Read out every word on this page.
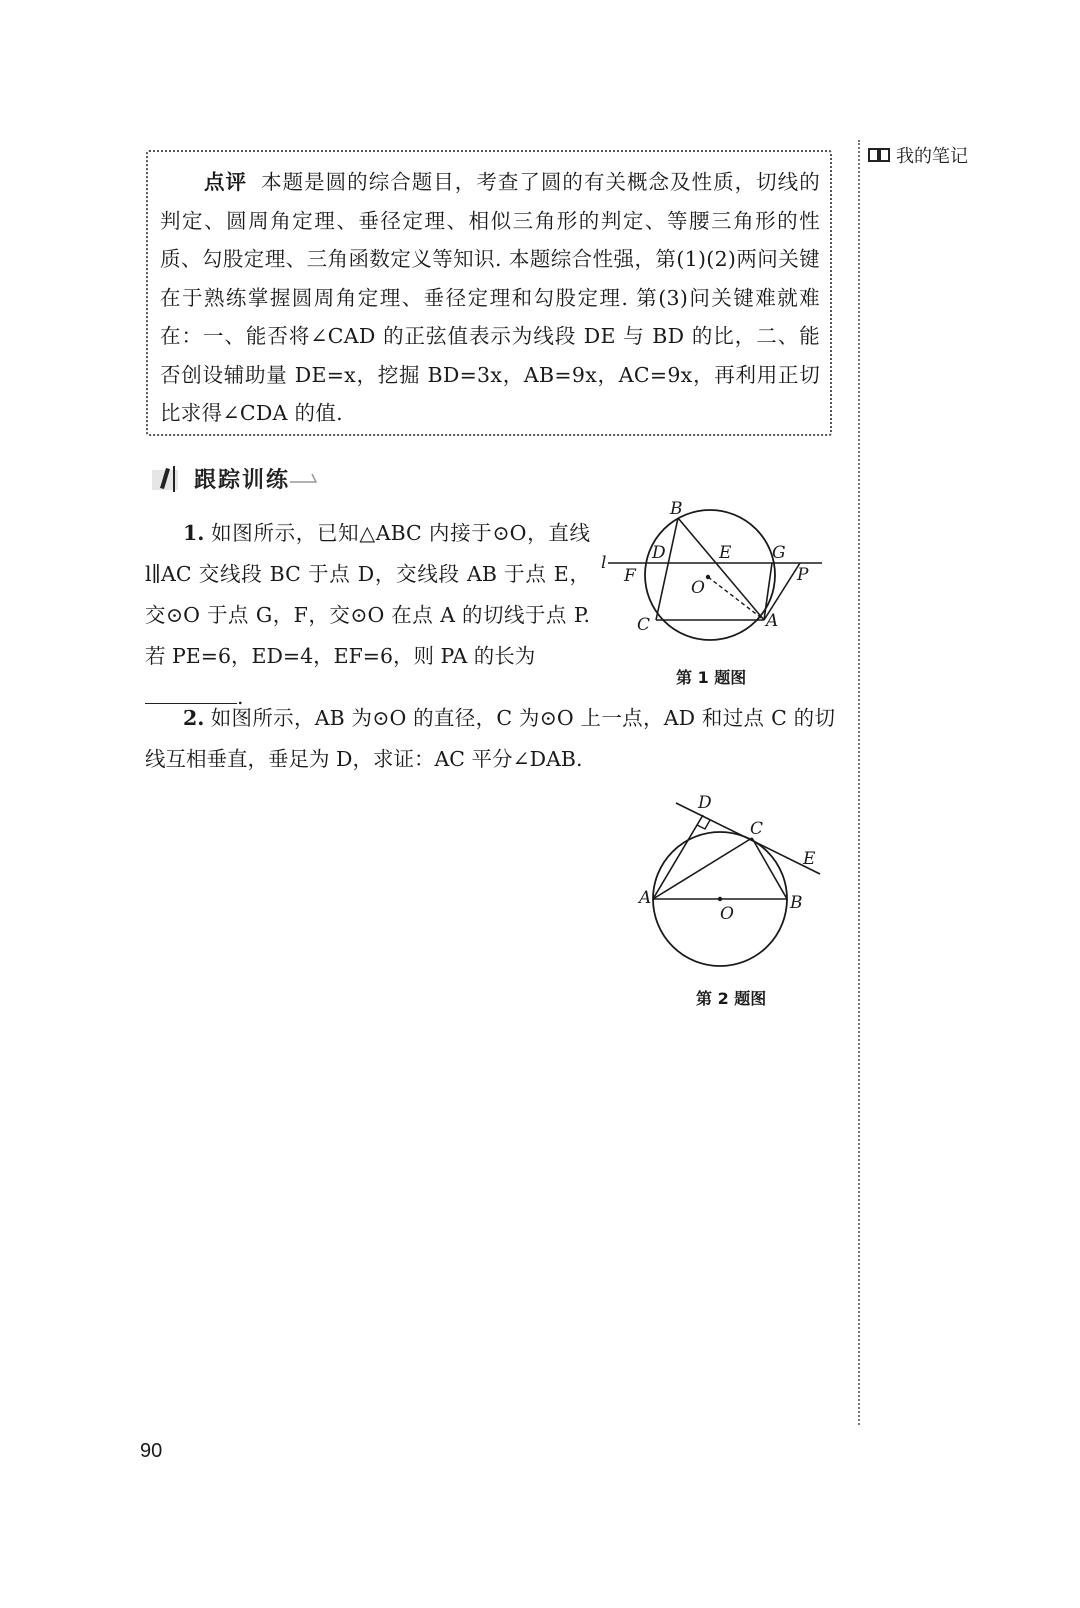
我的笔记

点评 本题是圆的综合题目，考查了圆的有关概念及性质，切线的判定、圆周角定理、垂径定理、相似三角形的判定、等腰三角形的性质、勾股定理、三角函数定义等知识. 本题综合性强，第(1)(2)两问关键在于熟练掌握圆周角定理、垂径定理和勾股定理. 第(3)问关键难就难在：一、能否将∠CAD 的正弦值表示为线段 DE 与 BD 的比，二、能否创设辅助量 DE=x，挖掘 BD=3x，AB=9x，AC=9x，再利用正切比求得∠CDA 的值.

跟踪训练

1. 如图所示，已知△ABC 内接于⊙O，直线 l∥AC 交线段 BC 于点 D，交线段 AB 于点 E，交⊙O 于点 G，F，交⊙O 在点 A 的切线于点 P. 若 PE=6，ED=4，EF=6，则 PA 的长为
.

B
D	E G
l
F	P
O
C	A
第 1 题图

2. 如图所示，AB 为⊙O 的直径，C 为⊙O 上一点，AD 和过点 C 的切线互相垂直，垂足为 D，求证：AC 平分∠DAB.

D
C
E
A
O
B
第 2 题图
90
